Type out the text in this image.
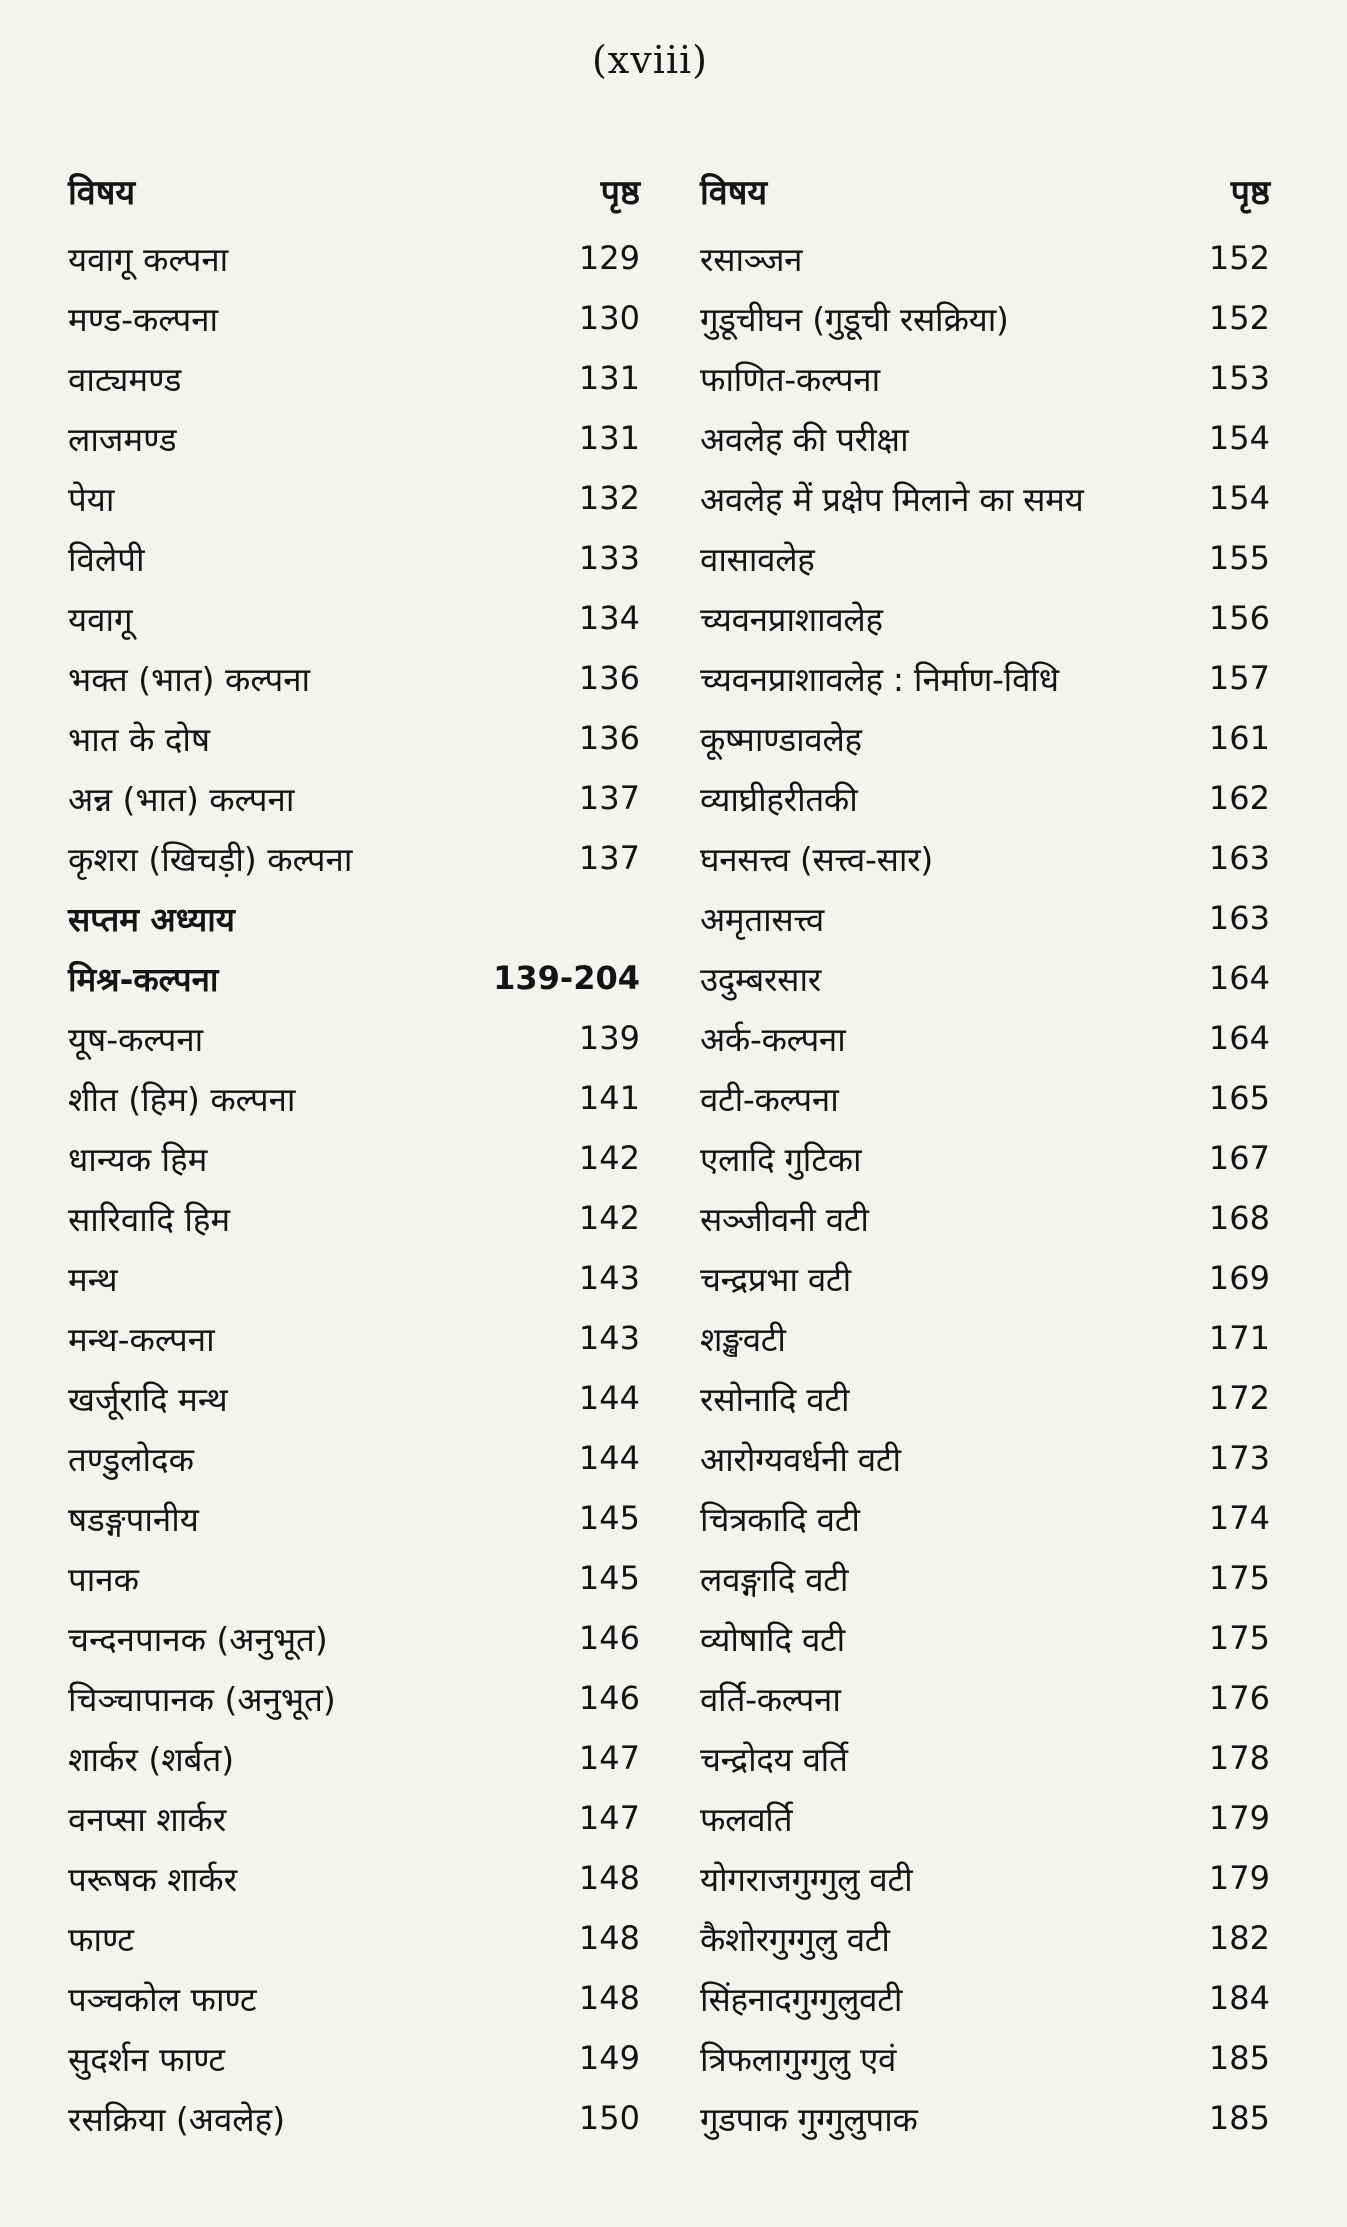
(xviii)
विषय	पृष्ठ
यवागू कल्पना	129
मण्ड-कल्पना	130
वाट्यमण्ड	131
लाजमण्ड	131
पेया	132
विलेपी	133
यवागू	134
भक्त (भात) कल्पना	136
भात के दोष	136
अन्न (भात) कल्पना	137
कृशरा (खिचड़ी) कल्पना	137
सप्तम अध्याय
मिश्र-कल्पना	139-204
यूष-कल्पना	139
शीत (हिम) कल्पना	141
धान्यक हिम	142
सारिवादि हिम	142
मन्थ	143
मन्थ-कल्पना	143
खर्जूरादि मन्थ	144
तण्डुलोदक	144
षडङ्गपानीय	145
पानक	145
चन्दनपानक (अनुभूत)	146
चिञ्चापानक (अनुभूत)	146
शार्कर (शर्बत)	147
वनप्सा शार्कर	147
परूषक शार्कर	148
फाण्ट	148
पञ्चकोल फाण्ट	148
सुदर्शन फाण्ट	149
रसक्रिया (अवलेह)	150
विषय	पृष्ठ
रसाञ्जन	152
गुडूचीघन (गुडूची रसक्रिया)	152
फाणित-कल्पना	153
अवलेह की परीक्षा	154
अवलेह में प्रक्षेप मिलाने का समय	154
वासावलेह	155
च्यवनप्राशावलेह	156
च्यवनप्राशावलेह : निर्माण-विधि	157
कूष्माण्डावलेह	161
व्याघ्रीहरीतकी	162
घनसत्त्व (सत्त्व-सार)	163
अमृतासत्त्व	163
उदुम्बरसार	164
अर्क-कल्पना	164
वटी-कल्पना	165
एलादि गुटिका	167
सञ्जीवनी वटी	168
चन्द्रप्रभा वटी	169
शङ्खवटी	171
रसोनादि वटी	172
आरोग्यवर्धनी वटी	173
चित्रकादि वटी	174
लवङ्गादि वटी	175
व्योषादि वटी	175
वर्ति-कल्पना	176
चन्द्रोदय वर्ति	178
फलवर्ति	179
योगराजगुग्गुलु वटी	179
कैशोरगुग्गुलु वटी	182
सिंहनादगुग्गुलुवटी	184
त्रिफलागुग्गुलु एवं	185
गुडपाक गुग्गुलुपाक	185
